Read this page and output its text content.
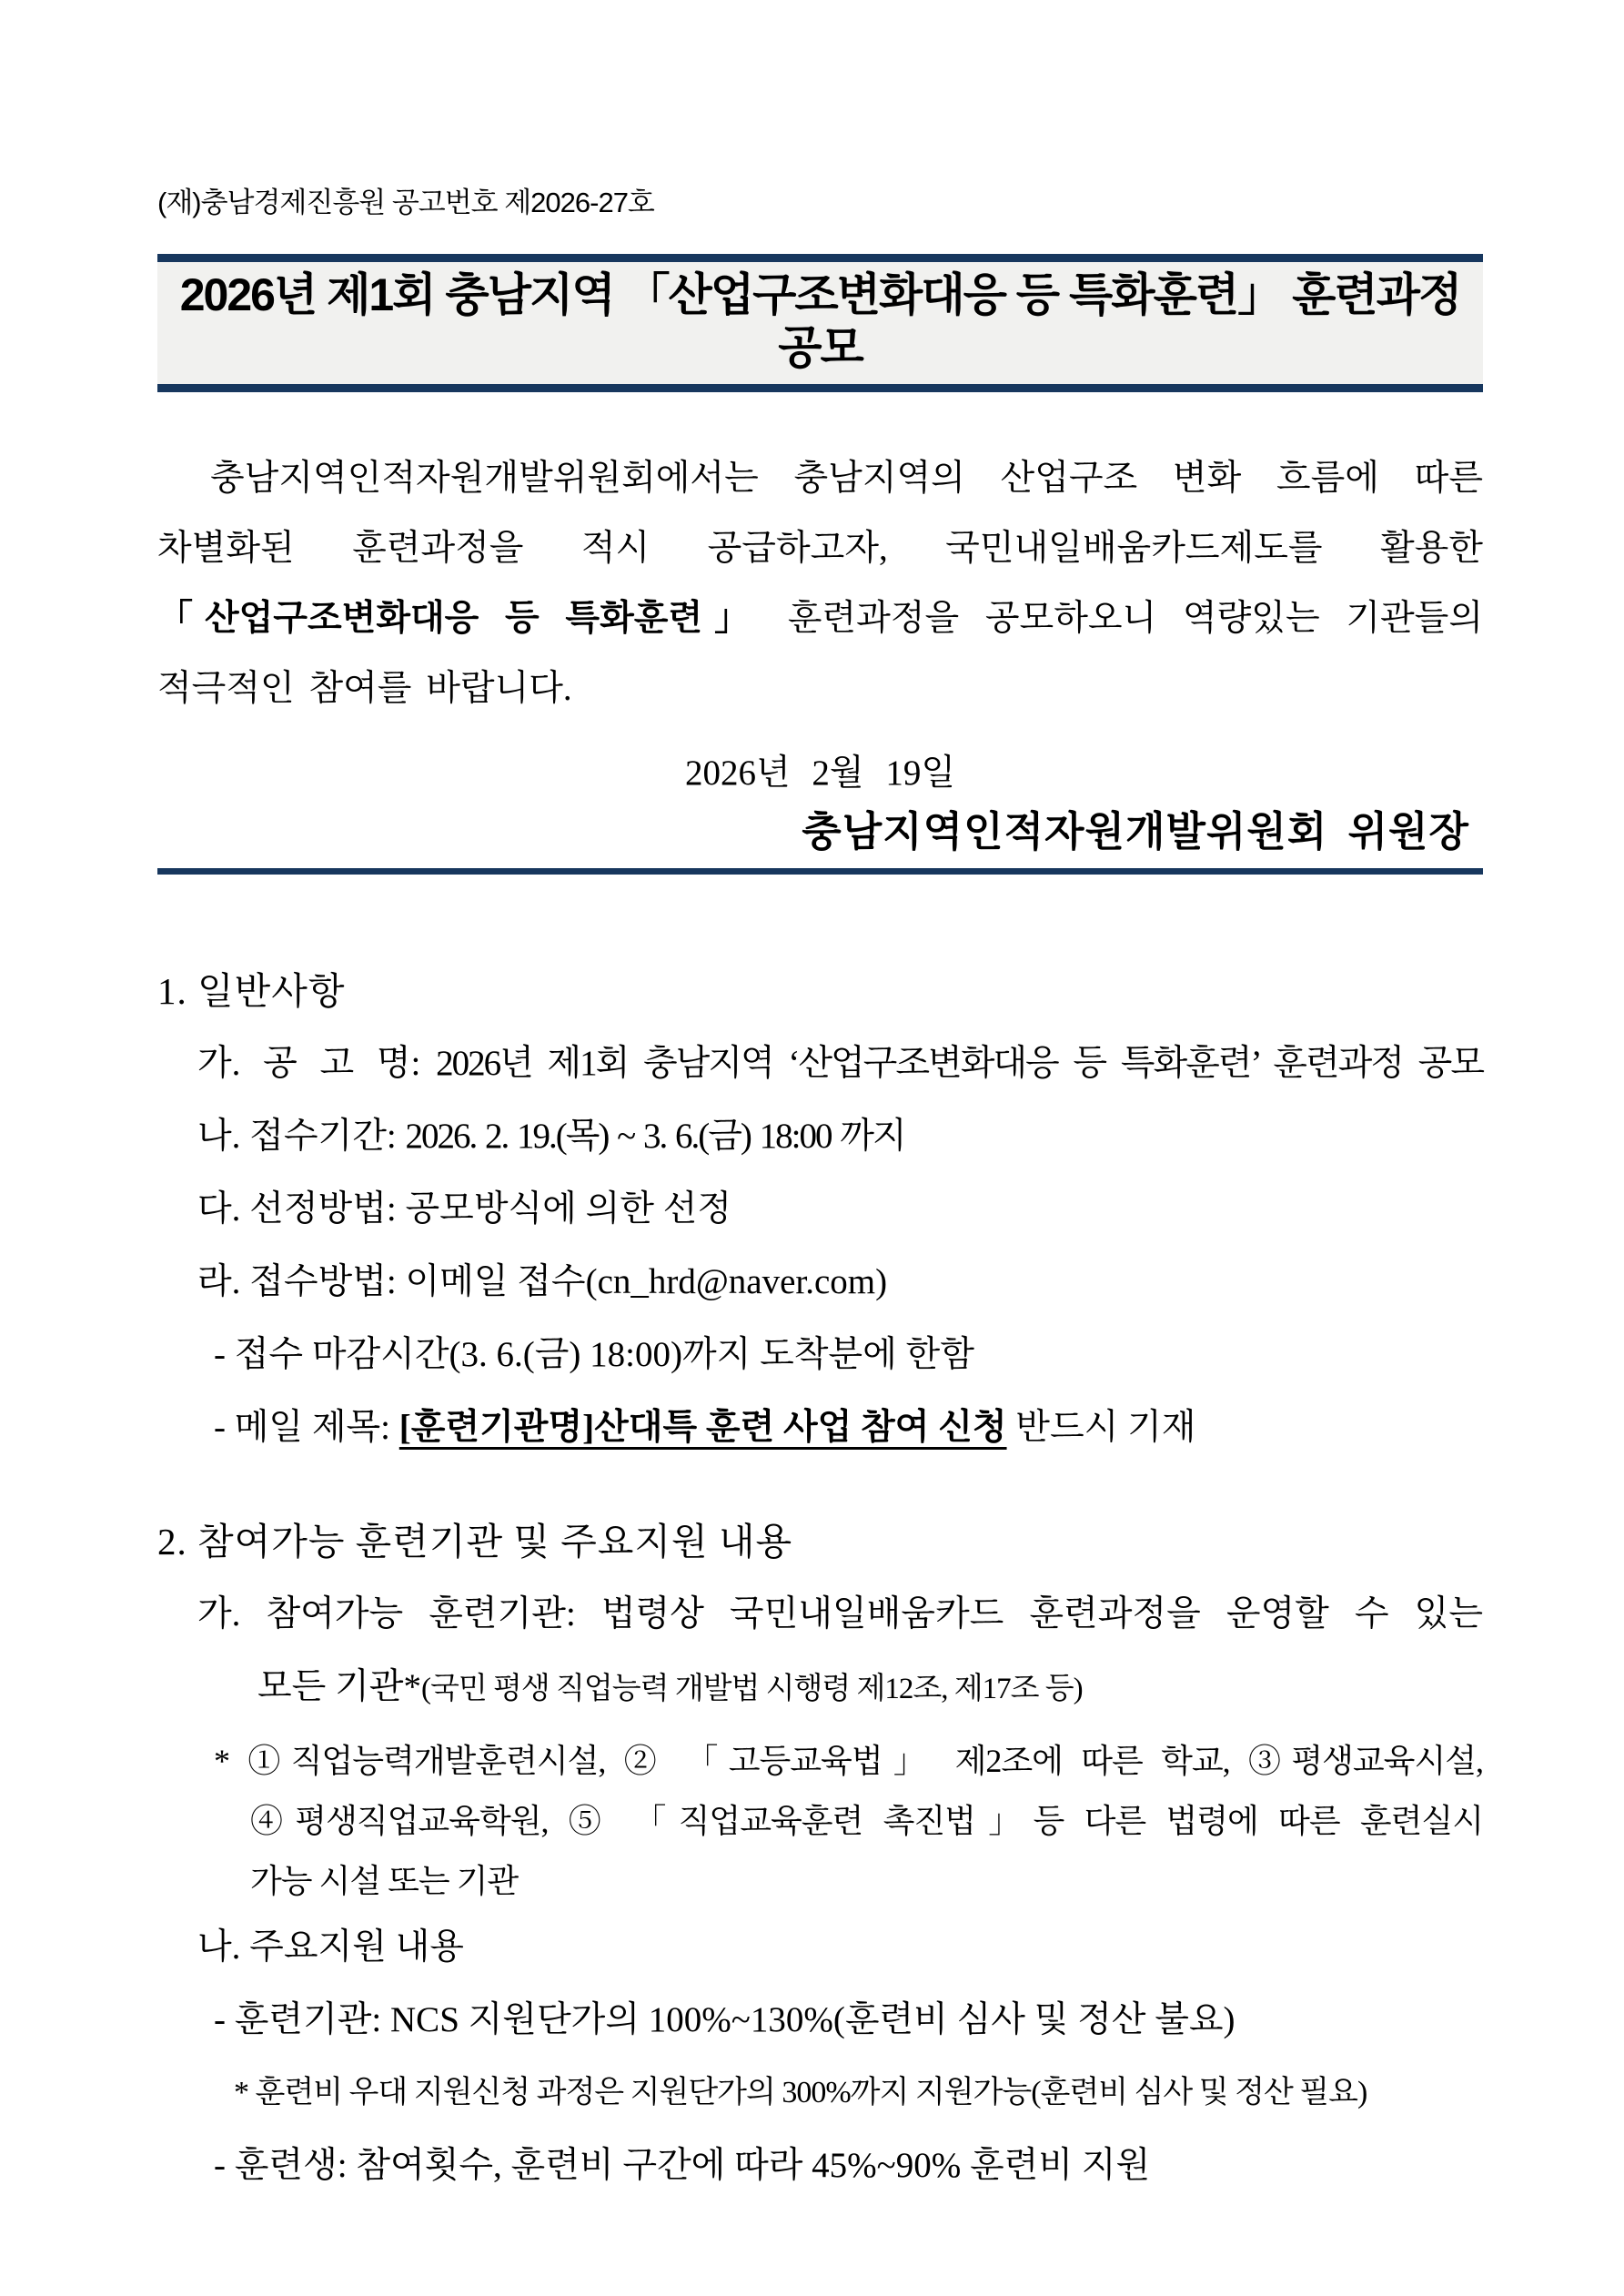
(재)충남경제진흥원 공고번호 제2026-27호
2026년 제1회 충남지역 「산업구조변화대응 등 특화훈련」 훈련과정 공모
충남지역인적자원개발위원회에서는 충남지역의 산업구조 변화 흐름에 따른
차별화된 훈련과정을 적시 공급하고자, 국민내일배움카드제도를 활용한
「산업구조변화대응 등 특화훈련」 훈련과정을 공모하오니 역량있는 기관들의
적극적인 참여를 바랍니다.
2026년 2월 19일
충남지역인적자원개발위원회 위원장
1. 일반사항
가. 공 고 명: 2026년 제1회 충남지역 ‘산업구조변화대응 등 특화훈련’ 훈련과정 공모
나. 접수기간: 2026. 2. 19.(목) ~ 3. 6.(금) 18:00 까지
다. 선정방법: 공모방식에 의한 선정
라. 접수방법: 이메일 접수(cn_hrd@naver.com)
- 접수 마감시간(3. 6.(금) 18:00)까지 도착분에 한함
- 메일 제목: [훈련기관명]산대특 훈련 사업 참여 신청 반드시 기재
2. 참여가능 훈련기관 및 주요지원 내용
가. 참여가능 훈련기관: 법령상 국민내일배움카드 훈련과정을 운영할 수 있는
모든 기관*(국민 평생 직업능력 개발법 시행령 제12조, 제17조 등)
* ①직업능력개발훈련시설, ② 「고등교육법」 제2조에 따른 학교, ③평생교육시설,
④평생직업교육학원, ⑤ 「직업교육훈련 촉진법」등 다른 법령에 따른 훈련실시
가능 시설 또는 기관
나. 주요지원 내용
- 훈련기관: NCS 지원단가의 100%~130%(훈련비 심사 및 정산 불요)
* 훈련비 우대 지원신청 과정은 지원단가의 300%까지 지원가능(훈련비 심사 및 정산 필요)
- 훈련생: 참여횟수, 훈련비 구간에 따라 45%~90% 훈련비 지원
